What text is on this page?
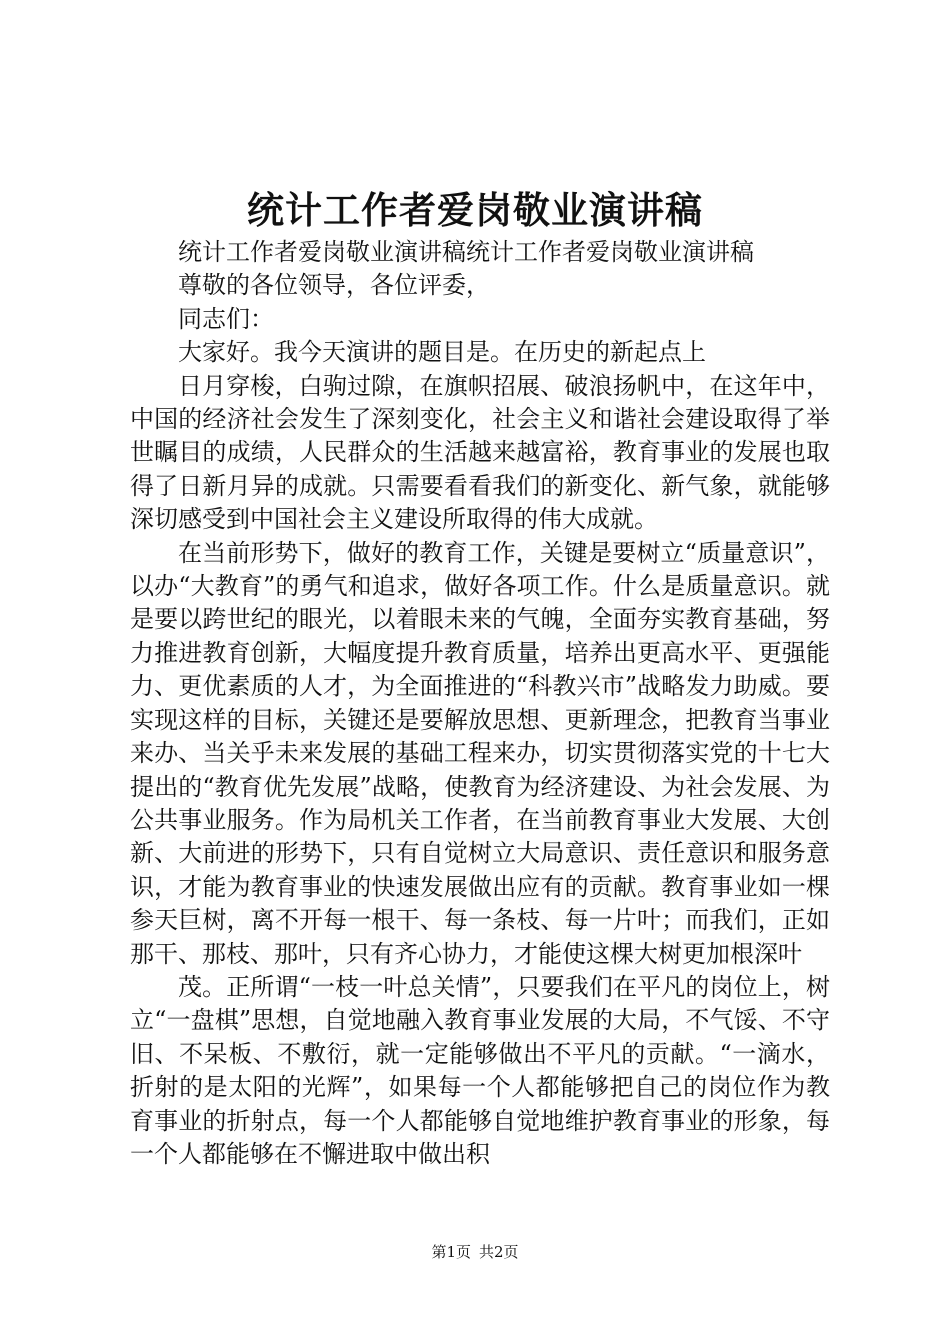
统计工作者爱岗敬业演讲稿

统计工作者爱岗敬业演讲稿统计工作者爱岗敬业演讲稿

尊敬的各位领导，各位评委，

同志们：

大家好。我今天演讲的题目是。在历史的新起点上

日月穿梭，白驹过隙，在旗帜招展、破浪扬帆中，在这年中，中国的经济社会发生了深刻变化，社会主义和谐社会建设取得了举世瞩目的成绩，人民群众的生活越来越富裕，教育事业的发展也取得了日新月异的成就。只需要看看我们的新变化、新气象，就能够深切感受到中国社会主义建设所取得的伟大成就。

在当前形势下，做好的教育工作，关键是要树立“质量意识”，以办“大教育”的勇气和追求，做好各项工作。什么是质量意识。就是要以跨世纪的眼光，以着眼未来的气魄，全面夯实教育基础，努力推进教育创新，大幅度提升教育质量，培养出更高水平、更强能力、更优素质的人才，为全面推进的“科教兴市”战略发力助威。要实现这样的目标，关键还是要解放思想、更新理念，把教育当事业来办、当关乎未来发展的基础工程来办，切实贯彻落实党的十七大提出的“教育优先发展”战略，使教育为经济建设、为社会发展、为公共事业服务。作为局机关工作者，在当前教育事业大发展、大创新、大前进的形势下，只有自觉树立大局意识、责任意识和服务意识，才能为教育事业的快速发展做出应有的贡献。教育事业如一棵参天巨树，离不开每一根干、每一条枝、每一片叶；而我们，正如那干、那枝、那叶，只有齐心协力，才能使这棵大树更加根深叶

茂。正所谓“一枝一叶总关情”，只要我们在平凡的岗位上，树立“一盘棋”思想，自觉地融入教育事业发展的大局，不气馁、不守旧、不呆板、不敷衍，就一定能够做出不平凡的贡献。“一滴水，折射的是太阳的光辉”，如果每一个人都能够把自己的岗位作为教育事业的折射点，每一个人都能够自觉地维护教育事业的形象，每一个人都能够在不懈进取中做出积

第1页 共2页
